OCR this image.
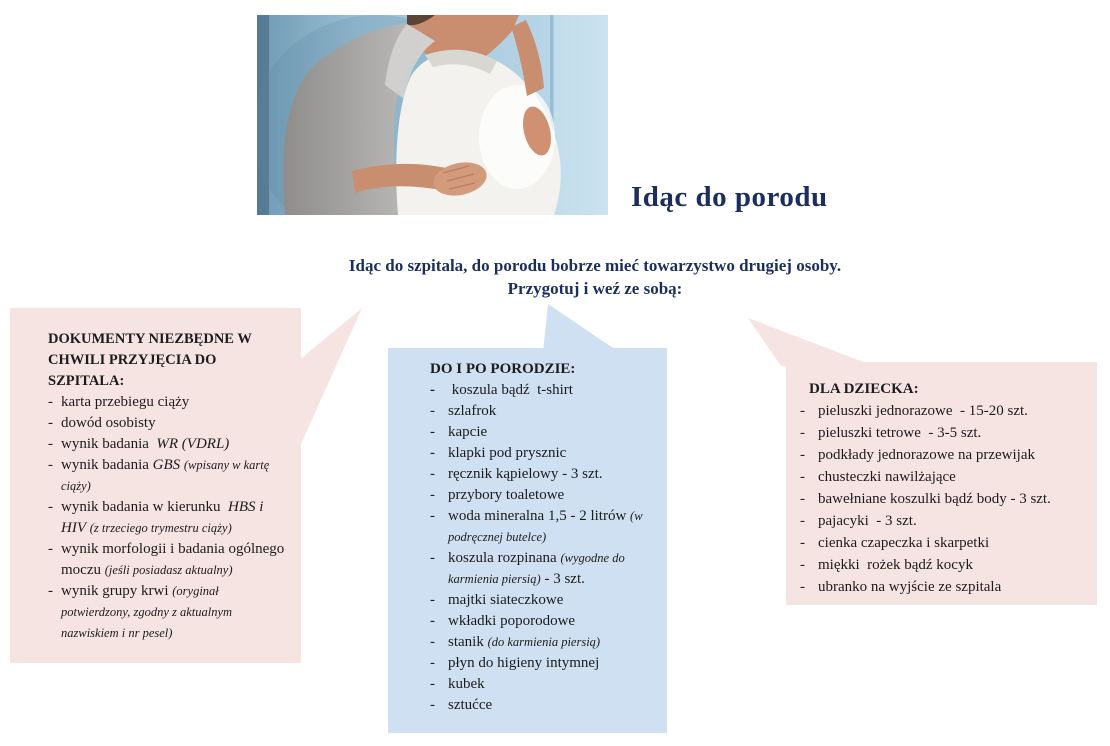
Idąc do porodu
Idąc do szpitala, do porodu bobrze mieć towarzystwo drugiej osoby.
Przygotuj i weź ze sobą:
DOKUMENTY NIEZBĘDNE W CHWILI PRZYJĘCIA DO SZPITALA:
- karta przebiegu ciąży
- dowód osobisty
- wynik badania  WR (VDRL)
- wynik badania GBS (wpisany w kartę ciąży)
- wynik badania w kierunku  HBS i HIV (z trzeciego trymestru ciąży)
- wynik morfologii i badania ogólnego moczu (jeśli posiadasz aktualny)
- wynik grupy krwi (oryginał potwierdzony, zgodny z aktualnym nazwiskiem i nr pesel)
DO I PO PORODZIE:
- koszula bądź  t-shirt
- szlafrok
- kapcie
- klapki pod prysznic
- ręcznik kąpielowy - 3 szt.
- przybory toaletowe
- woda mineralna 1,5 - 2 litrów (w podręcznej butelce)
- koszula rozpinana (wygodne do karmienia piersią) - 3 szt.
- majtki siateczkowe
- wkładki poporodowe
- stanik (do karmienia piersią)
- płyn do higieny intymnej
- kubek
- sztućce
DLA DZIECKA:
- pieluszki jednorazowe  - 15-20 szt.
- pieluszki tetrowe  - 3-5 szt.
- podkłady jednorazowe na przewijak
- chusteczki nawilżające
- bawełniane koszulki bądź body - 3 szt.
- pajacyki  - 3 szt.
- cienka czapeczka i skarpetki
- miękki  rożek bądź kocyk
- ubranko na wyjście ze szpitala
